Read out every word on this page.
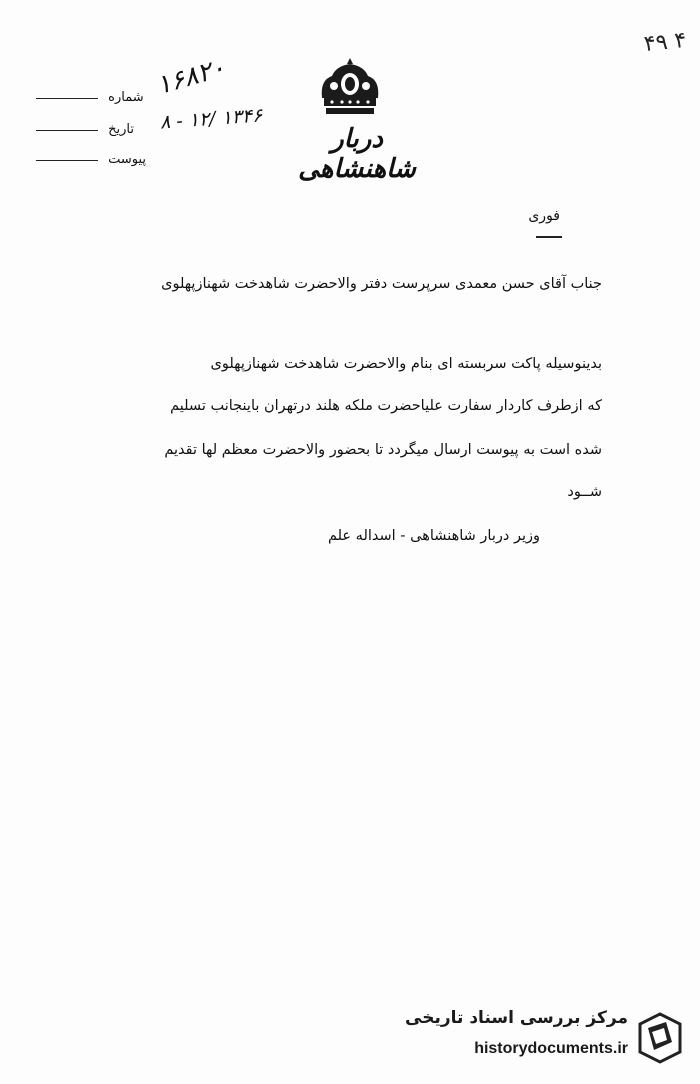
۴۹ ۴
شماره
تاریخ
پیوست
۱۶۸۲۰
۸ - ۱۲/ ۱۳۴۶
دربار شاهنشاهی
فوری
جناب آقای حسن معمدی سرپرست دفتر والاحضرت شاهدخت شهنازپهلوی
بدینوسیله پاکت سربسته ای بنام والاحضرت شاهدخت شهنازپهلوی
که ازطرف کاردار سفارت علیاحضرت ملکه هلند درتهران باینجانب تسلیم
شده است به پیوست ارسال میگردد تا بحضور والاحضرت معظم لها تقدیم
شــود
وزیر دربار شاهنشاهی - اسداله علم
مرکز بررسی اسناد تاریخی
historydocuments.ir
